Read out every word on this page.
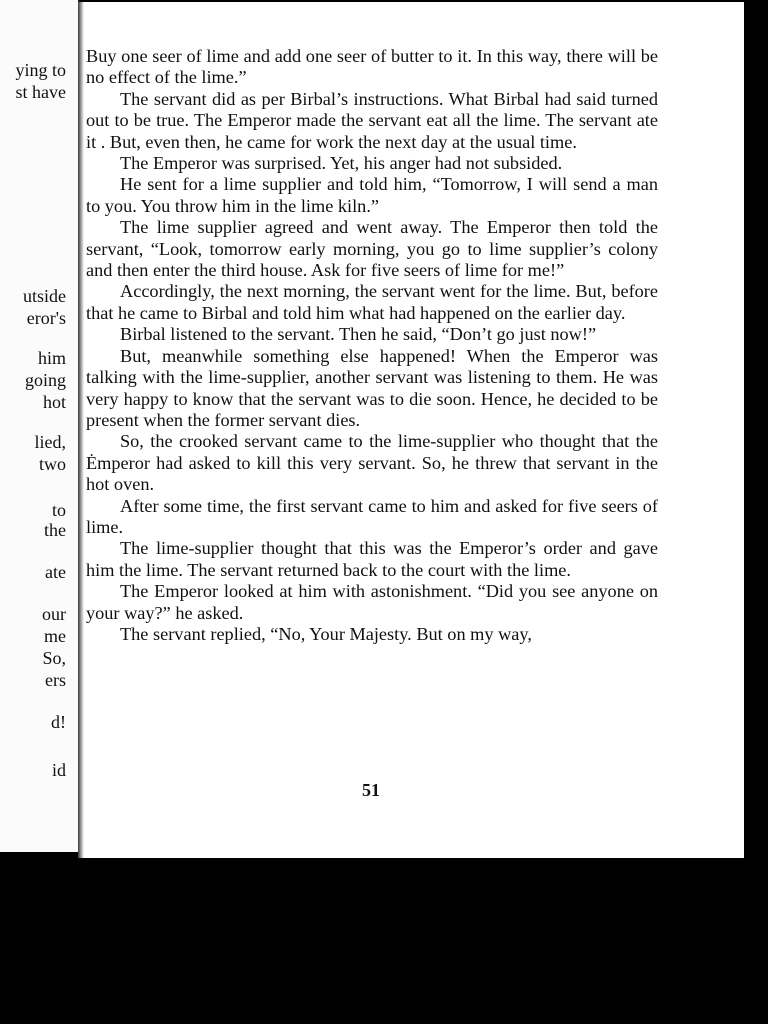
ying to
st have
utside
eror's
him
going
hot
lied,
two
to
the
ate
our
me
So,
ers
d!
id

Buy one seer of lime and add one seer of butter to it. In this way, there will be no effect of the lime.”

The servant did as per Birbal’s instructions. What Birbal had said turned out to be true. The Emperor made the servant eat all the lime. The servant ate it . But, even then, he came for work the next day at the usual time.

The Emperor was surprised. Yet, his anger had not subsided.

He sent for a lime supplier and told him, “Tomorrow, I will send a man to you. You throw him in the lime kiln.”

The lime supplier agreed and went away. The Emperor then told the servant, “Look, tomorrow early morning, you go to lime supplier’s colony and then enter the third house. Ask for five seers of lime for me!”

Accordingly, the next morning, the servant went for the lime. But, before that he came to Birbal and told him what had happened on the earlier day.

Birbal listened to the servant. Then he said, “Don’t go just now!”

But, meanwhile something else happened! When the Emperor was talking with the lime-supplier, another servant was listening to them. He was very happy to know that the servant was to die soon. Hence, he decided to be present when the former servant dies.

So, the crooked servant came to the lime-supplier who thought that the Ėmperor had asked to kill this very servant. So, he threw that servant in the hot oven.

After some time, the first servant came to him and asked for five seers of lime.

The lime-supplier thought that this was the Emperor’s order and gave him the lime. The servant returned back to the court with the lime.

The Emperor looked at him with astonishment. “Did you see anyone on your way?” he asked.

The servant replied, “No, Your Majesty. But on my way,

51
